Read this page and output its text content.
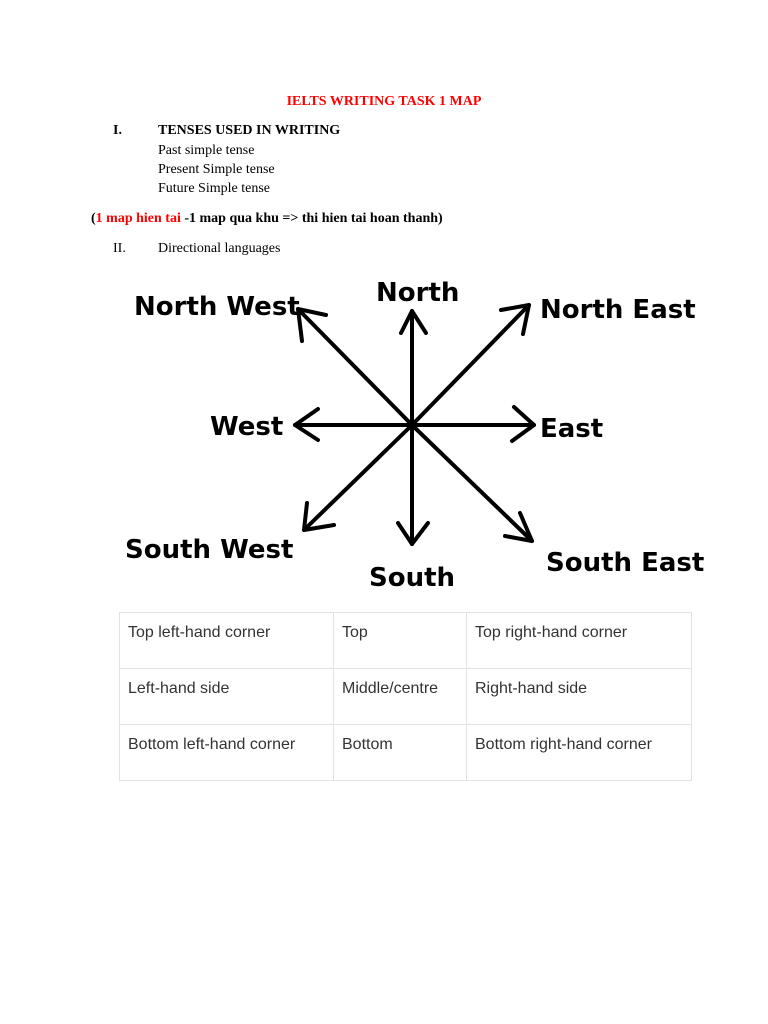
IELTS WRITING TASK 1 MAP
I.	TENSES USED IN WRITING
Past simple tense
Present Simple tense
Future Simple tense
(1 map hien tai -1 map qua khu => thi hien tai hoan thanh)
II. Directional languages
North
North East
North West
West	East
South West	South East
South
Top left-hand corner	Top	Top right-hand corner
Left-hand side	Middle/centre	Right-hand side
Bottom left-hand corner	Bottom	Bottom right-hand corner
